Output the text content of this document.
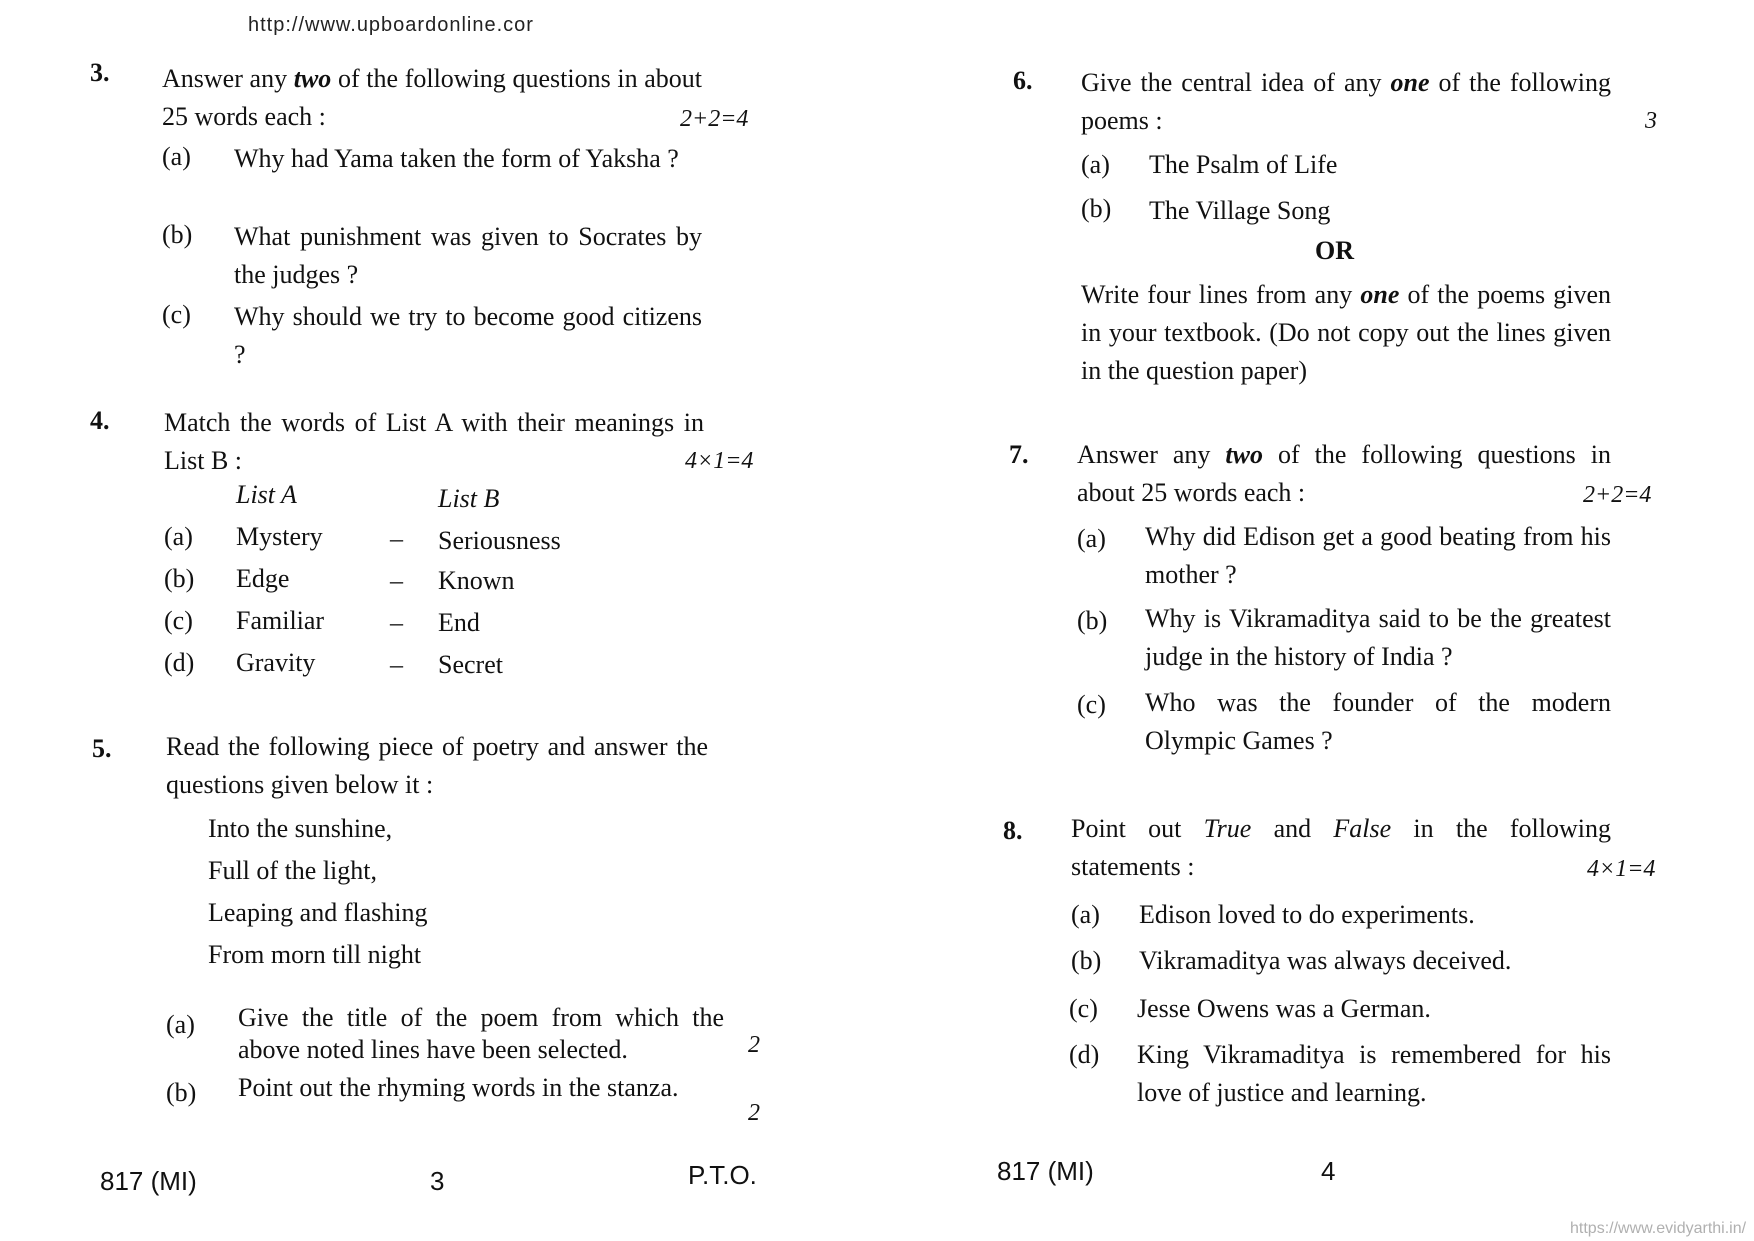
http://www.upboardonline.cor
3. Answer any two of the following questions in about 25 words each :	2+2=4
(a) Why had Yama taken the form of Yaksha ?
(b) What punishment was given to Socrates by the judges ?
(c) Why should we try to become good citizens ?
4. Match the words of List A with their meanings in List B :	4×1=4
List A	List B
(a) Mystery	– Seriousness
(b) Edge	– Known
(c) Familiar	– End
(d) Gravity	– Secret
5. Read the following piece of poetry and answer the questions given below it :
Into the sunshine,
Full of the light,
Leaping and flashing
From morn till night
(a) Give the title of the poem from which the above noted lines have been selected.	2
(b) Point out the rhyming words in the stanza.
2
817 (MI)	3	P.T.O.
6. Give the central idea of any one of the following poems :	3
(a) The Psalm of Life
(b) The Village Song
OR
Write four lines from any one of the poems given in your textbook. (Do not copy out the lines given in the question paper)
7. Answer any two of the following questions in about 25 words each :	2+2=4
(a) Why did Edison get a good beating from his mother ?
(b) Why is Vikramaditya said to be the greatest judge in the history of India ?
(c) Who was the founder of the modern Olympic Games ?
8. Point out True and False in the following statements :	4×1=4
(a) Edison loved to do experiments.
(b) Vikramaditya was always deceived.
(c) Jesse Owens was a German.
(d) King Vikramaditya is remembered for his love of justice and learning.
817 (MI)	4
https://www.evidyarthi.in/
